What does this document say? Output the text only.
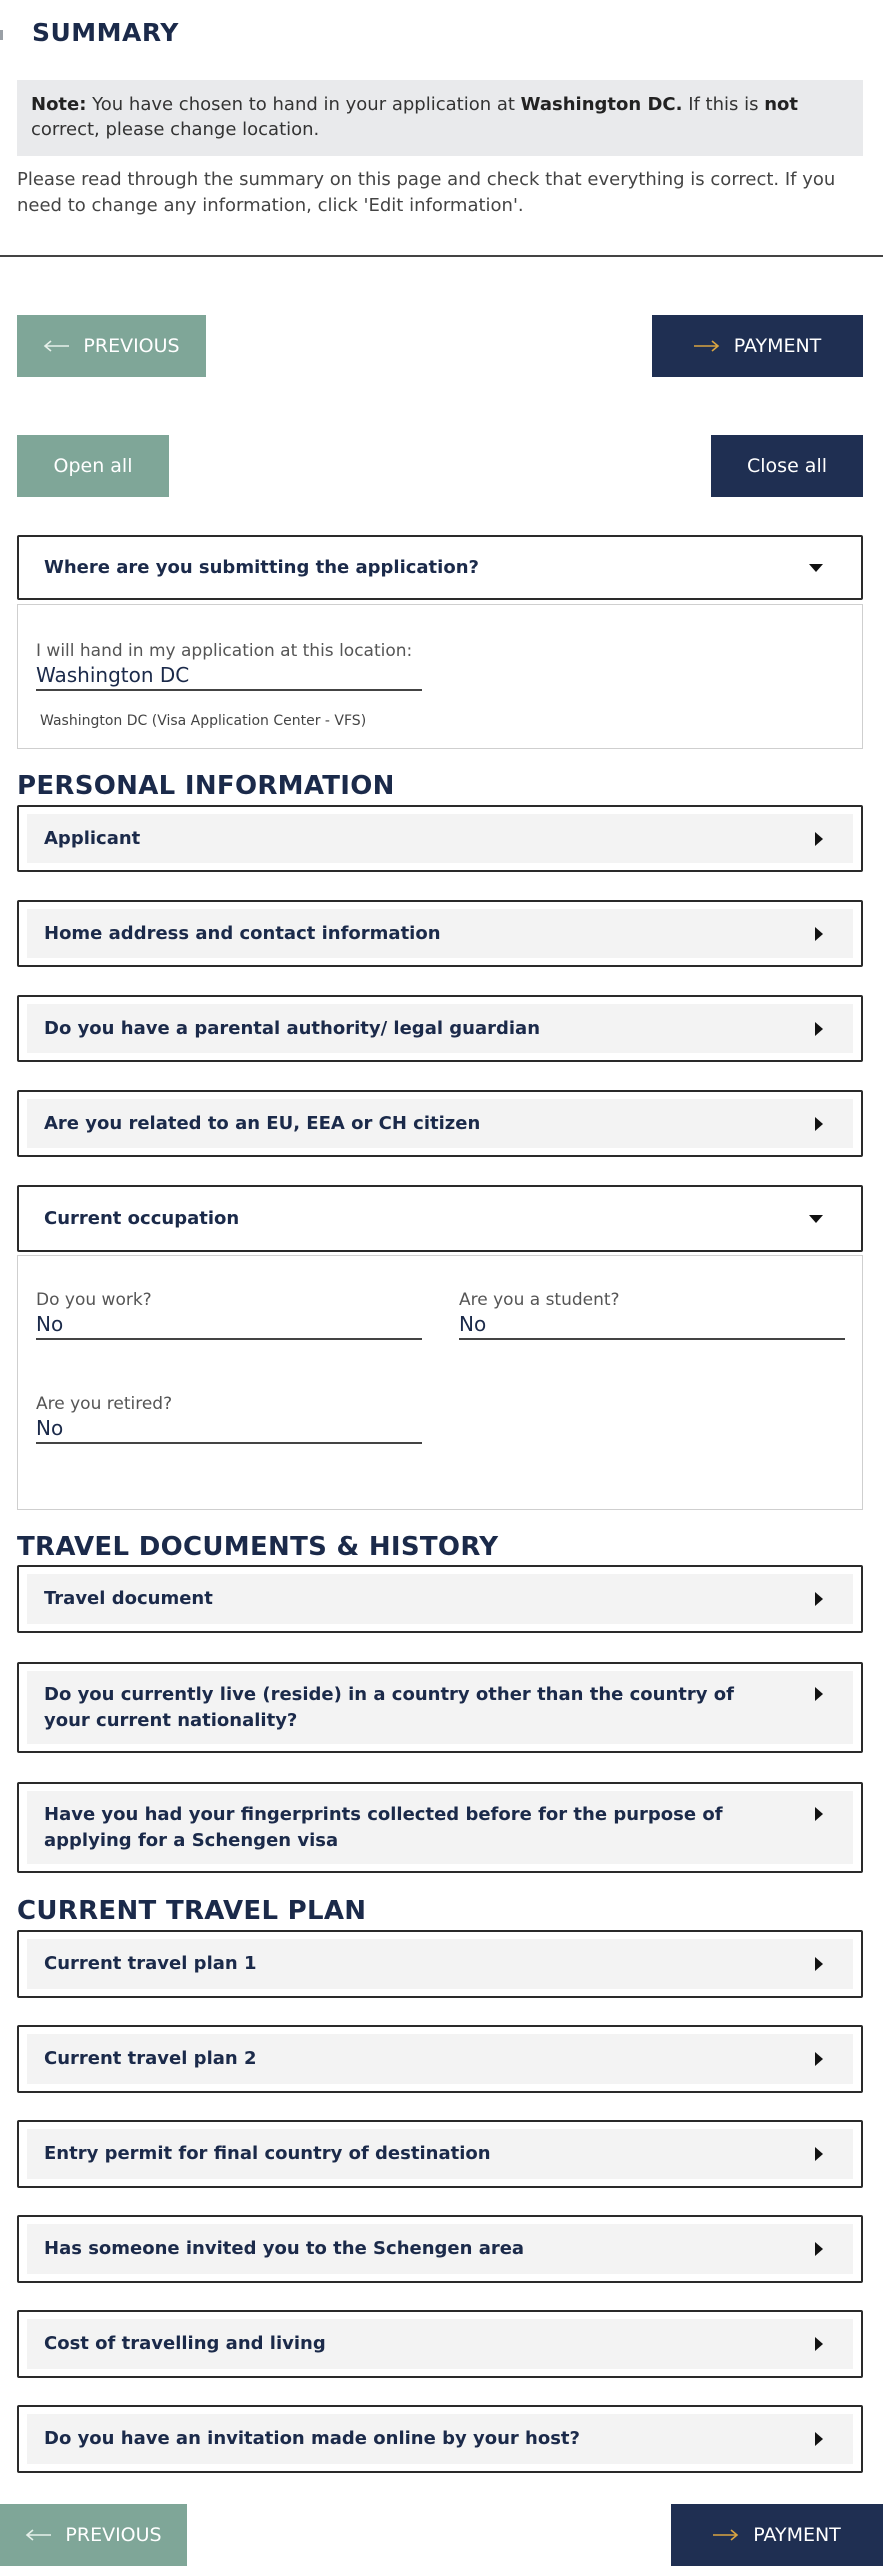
SUMMARY
Note: You have chosen to hand in your application at Washington DC. If this is not correct, please change location.
Please read through the summary on this page and check that everything is correct. If you need to change any information, click 'Edit information'.
PREVIOUS	PAYMENT
Open all	Close all
Where are you submitting the application?
I will hand in my application at this location:
Washington DC
Washington DC (Visa Application Center - VFS)
PERSONAL INFORMATION
Applicant
Home address and contact information
Do you have a parental authority/ legal guardian
Are you related to an EU, EEA or CH citizen
Current occupation
Do you work?
No
Are you a student?
No
Are you retired?
No
TRAVEL DOCUMENTS & HISTORY
Travel document
Do you currently live (reside) in a country other than the country of your current nationality?
Have you had your fingerprints collected before for the purpose of applying for a Schengen visa
CURRENT TRAVEL PLAN
Current travel plan 1
Current travel plan 2
Entry permit for final country of destination
Has someone invited you to the Schengen area
Cost of travelling and living
Do you have an invitation made online by your host?
PREVIOUS	PAYMENT
